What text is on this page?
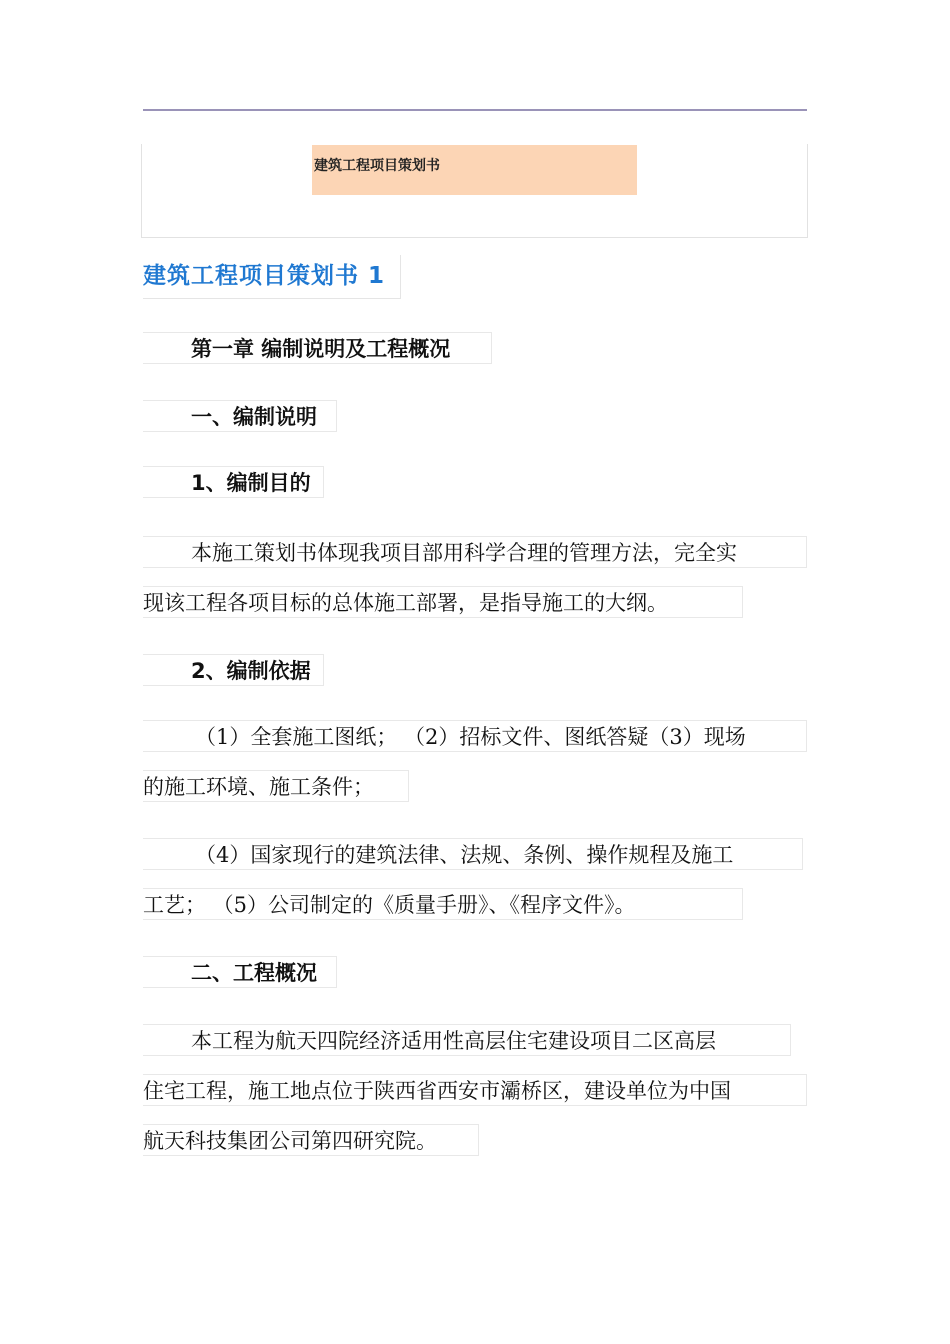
建筑工程项目策划书
建筑工程项目策划书 1
第一章 编制说明及工程概况
一、编制说明
1、编制目的
本施工策划书体现我项目部用科学合理的管理方法，完全实
现该工程各项目标的总体施工部署，是指导施工的大纲。
2、编制依据
（1）全套施工图纸； （2）招标文件、图纸答疑（3）现场
的施工环境、施工条件；
（4）国家现行的建筑法律、法规、条例、操作规程及施工
工艺； （5）公司制定的《质量手册》、《程序文件》。
二、工程概况
本工程为航天四院经济适用性高层住宅建设项目二区高层
住宅工程，施工地点位于陕西省西安市灞桥区，建设单位为中国
航天科技集团公司第四研究院。
